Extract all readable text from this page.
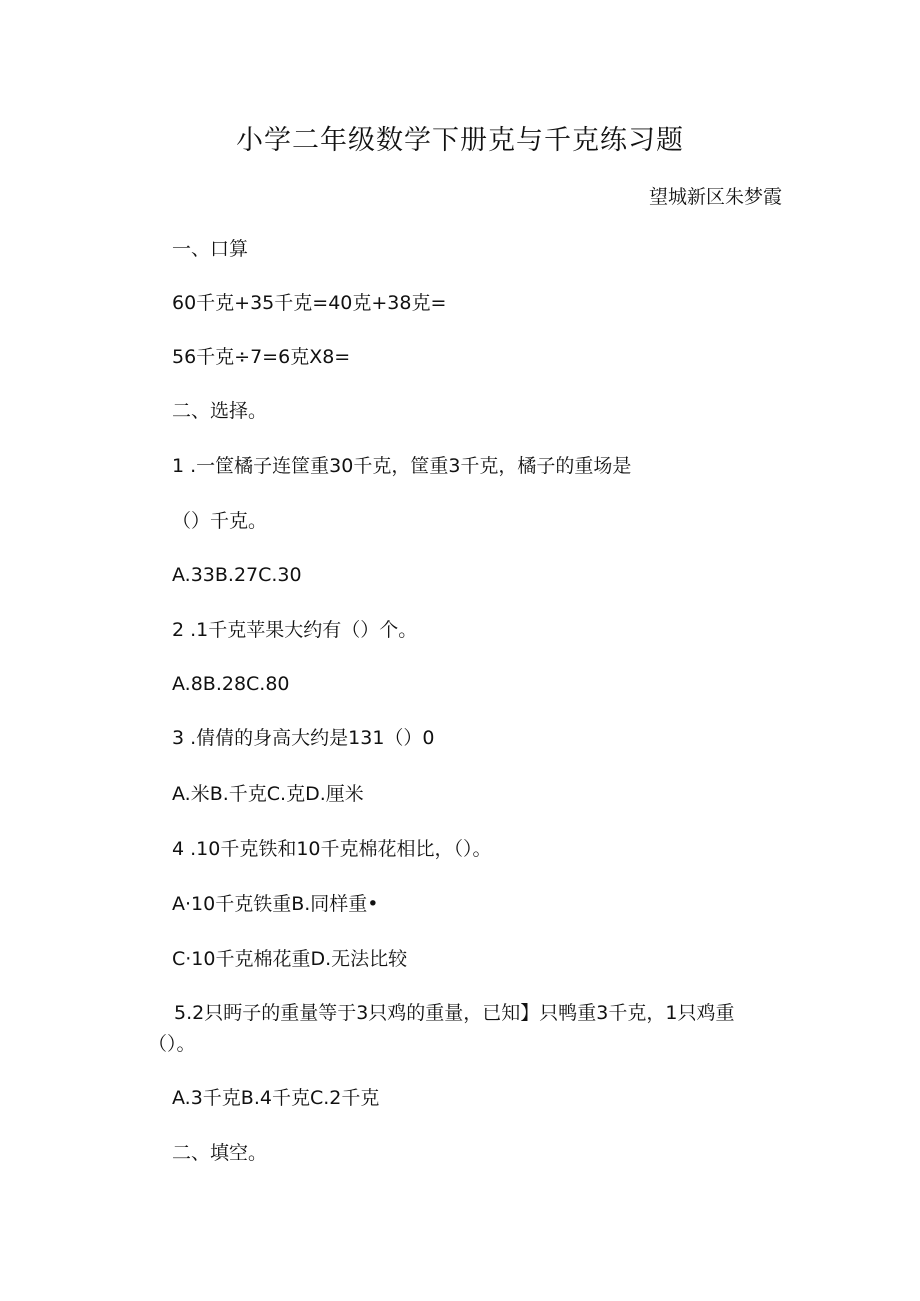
小学二年级数学下册克与千克练习题
望城新区朱梦霞
一、口算
60千克+35千克=40克+38克=
56千克÷7=6克X8=
二、选择。
1 .一筐橘子连筐重30千克，筐重3千克，橘子的重场是
（）千克。
A.33B.27C.30
2 .1千克苹果大约有（）个。
A.8B.28C.80
3 .倩倩的身高大约是131（）0
A.米B.千克C.克D.厘米
4 .10千克铁和10千克棉花相比，（）。
A·10千克铁重B.同样重•
C·10千克棉花重D.无法比较
5.2只眄子的重量等于3只鸡的重量，已知】只鸭重3千克，1只鸡重（）。
A.3千克B.4千克C.2千克
二、填空。
